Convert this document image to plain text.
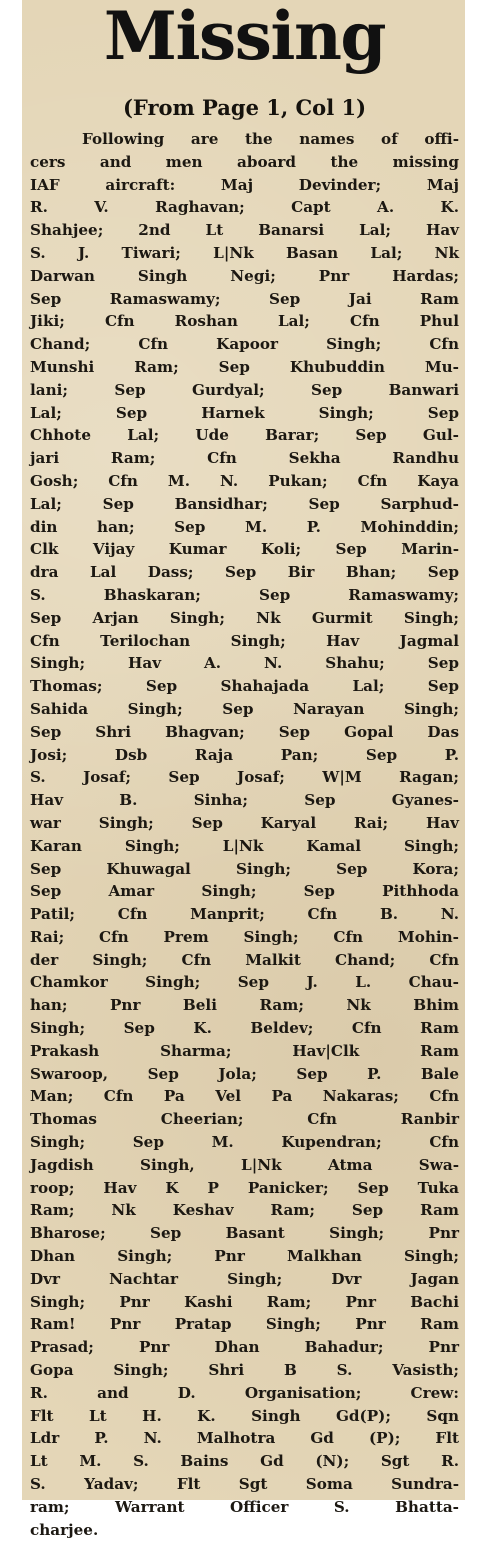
Missing
(From Page 1, Col 1)
Following are the names of offi-
cers and men aboard the missing
IAF aircraft: Maj Devinder; Maj
R. V. Raghavan; Capt A. K.
Shahjee; 2nd Lt Banarsi Lal; Hav
S. J. Tiwari; L|Nk Basan Lal; Nk
Darwan Singh Negi; Pnr Hardas;
Sep Ramaswamy; Sep Jai Ram
Jiki; Cfn Roshan Lal; Cfn Phul
Chand; Cfn Kapoor Singh; Cfn
Munshi Ram; Sep Khubuddin Mu-
lani; Sep Gurdyal; Sep Banwari
Lal; Sep Harnek Singh; Sep
Chhote Lal; Ude Barar; Sep Gul-
jari Ram; Cfn Sekha Randhu
Gosh; Cfn M. N. Pukan; Cfn Kaya
Lal; Sep Bansidhar; Sep Sarphud-
din han; Sep M. P. Mohinddin;
Clk Vijay Kumar Koli; Sep Marin-
dra Lal Dass; Sep Bir Bhan; Sep
S. Bhaskaran; Sep Ramaswamy;
Sep Arjan Singh; Nk Gurmit Singh;
Cfn Terilochan Singh; Hav Jagmal
Singh; Hav A. N. Shahu; Sep
Thomas; Sep Shahajada Lal; Sep
Sahida Singh; Sep Narayan Singh;
Sep Shri Bhagvan; Sep Gopal Das
Josi; Dsb Raja Pan; Sep P.
S. Josaf; Sep Josaf; W|M Ragan;
Hav B. Sinha; Sep Gyanes-
war Singh; Sep Karyal Rai; Hav
Karan Singh; L|Nk Kamal Singh;
Sep Khuwagal Singh; Sep Kora;
Sep Amar Singh; Sep Pithhoda
Patil; Cfn Manprit; Cfn B. N.
Rai; Cfn Prem Singh; Cfn Mohin-
der Singh; Cfn Malkit Chand; Cfn
Chamkor Singh; Sep J. L. Chau-
han; Pnr Beli Ram; Nk Bhim
Singh; Sep K. Beldev; Cfn Ram
Prakash Sharma; Hav|Clk Ram
Swaroop, Sep Jola; Sep P. Bale
Man; Cfn Pa Vel Pa Nakaras; Cfn
Thomas Cheerian; Cfn Ranbir
Singh; Sep M. Kupendran; Cfn
Jagdish Singh, L|Nk Atma Swa-
roop; Hav K P Panicker; Sep Tuka
Ram; Nk Keshav Ram; Sep Ram
Bharose; Sep Basant Singh; Pnr
Dhan Singh; Pnr Malkhan Singh;
Dvr Nachtar Singh; Dvr Jagan
Singh; Pnr Kashi Ram; Pnr Bachi
Ram! Pnr Pratap Singh; Pnr Ram
Prasad; Pnr Dhan Bahadur; Pnr
Gopa Singh; Shri B S. Vasisth;
R. and D. Organisation; Crew:
Flt Lt H. K. Singh Gd(P); Sqn
Ldr P. N. Malhotra Gd (P); Flt
Lt M. S. Bains Gd (N); Sgt R.
S. Yadav; Flt Sgt Soma Sundra-
ram; Warrant Officer S. Bhatta-
charjee.
